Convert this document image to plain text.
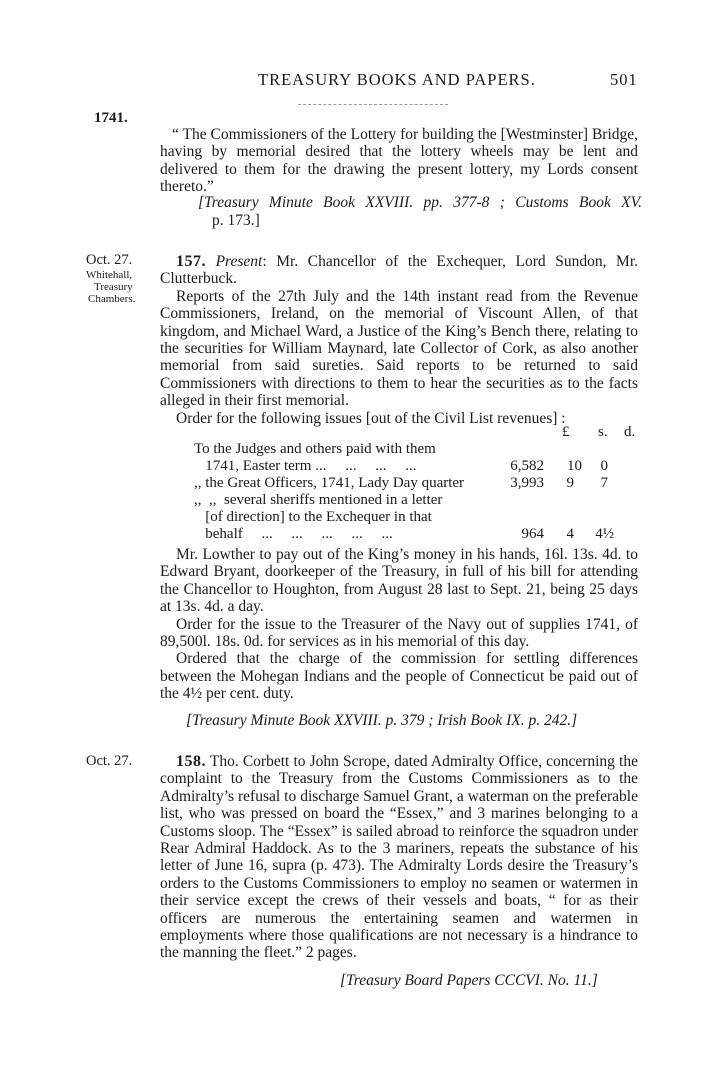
TREASURY BOOKS AND PAPERS.	501
1741.

“ The Commissioners of the Lottery for building the [Westminster] Bridge, having by memorial desired that the lottery wheels may be lent and delivered to them for the drawing the present lottery, my Lords consent thereto.”

[Treasury Minute Book XXVIII. pp. 377-8 ; Customs Book XV.
p. 173.]
Oct. 27.
Whitehall,
Treasury
Chambers.

157. Present: Mr. Chancellor of the Exchequer, Lord Sundon, Mr. Clutterbuck.

Reports of the 27th July and the 14th instant read from the Revenue Commissioners, Ireland, on the memorial of Viscount Allen, of that kingdom, and Michael Ward, a Justice of the King’s Bench there, relating to the securities for William Maynard, late Collector of Cork, as also another memorial from said sureties. Said reports to be returned to said Commissioners with directions to them to hear the securities as to the facts alleged in their first memorial.

Order for the following issues [out of the Civil List revenues] :

£ s. d.
To the Judges and others paid with them
1741, Easter term ...     ...     ...     ...	6,582 10 0
,, the Great Officers, 1741, Lady Day quarter	3,993 9 7
,,  ,,  several sheriffs mentioned in a letter
[of direction] to the Exchequer in that
behalf     ...     ...     ...     ...     ...	964 4 4½

Mr. Lowther to pay out of the King’s money in his hands, 16l. 13s. 4d. to Edward Bryant, doorkeeper of the Treasury, in full of his bill for attending the Chancellor to Houghton, from August 28 last to Sept. 21, being 25 days at 13s. 4d. a day.

Order for the issue to the Treasurer of the Navy out of supplies 1741, of 89,500l. 18s. 0d. for services as in his memorial of this day.

Ordered that the charge of the commission for settling differences between the Mohegan Indians and the people of Connecticut be paid out of the 4½ per cent. duty.

[Treasury Minute Book XXVIII. p. 379 ; Irish Book IX. p. 242.]
Oct. 27.	158. Tho. Corbett to John Scrope, dated Admiralty Office, concerning the complaint to the Treasury from the Customs Commissioners as to the Admiralty’s refusal to discharge Samuel Grant, a waterman on the preferable list, who was pressed on board the “Essex,” and 3 marines belonging to a Customs sloop. The “Essex” is sailed abroad to reinforce the squadron under Rear Admiral Haddock. As to the 3 mariners, repeats the substance of his letter of June 16, supra (p. 473). The Admiralty Lords desire the Treasury’s orders to the Customs Commissioners to employ no seamen or watermen in their service except the crews of their vessels and boats, “ for as their officers are numerous the entertaining seamen and watermen in employments where those qualifications are not necessary is a hindrance to the manning the fleet.” 2 pages.

[Treasury Board Papers CCCVI. No. 11.]
